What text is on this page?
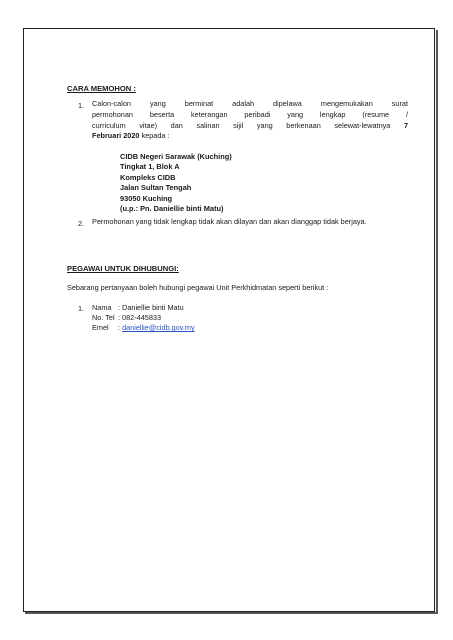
CARA MEMOHON :
1. Calon-calon yang berminat adalah dipelawa mengemukakan surat
permohonan beserta keterangan peribadi yang lengkap (resume /
curriculum vitae) dan salinan sijil yang berkenaan selewat-lewatnya 7
Februari 2020 kepada :
CIDB Negeri Sarawak (Kuching)
Tingkat 1, Blok A
Kompleks CIDB
Jalan Sultan Tengah
93050 Kuching
(u.p.: Pn. Daniellie binti Matu)
2. Permohonan yang tidak lengkap tidak akan dilayan dan akan dianggap tidak berjaya.
PEGAWAI UNTUK DIHUBUNGI:
Sebarang pertanyaan boleh hubungi pegawai Unit Perkhidmatan seperti berikut :
1. Nama : Daniellie binti Matu
No. Tel : 082-445833
Emel : daniellie@cidb.gov.my
